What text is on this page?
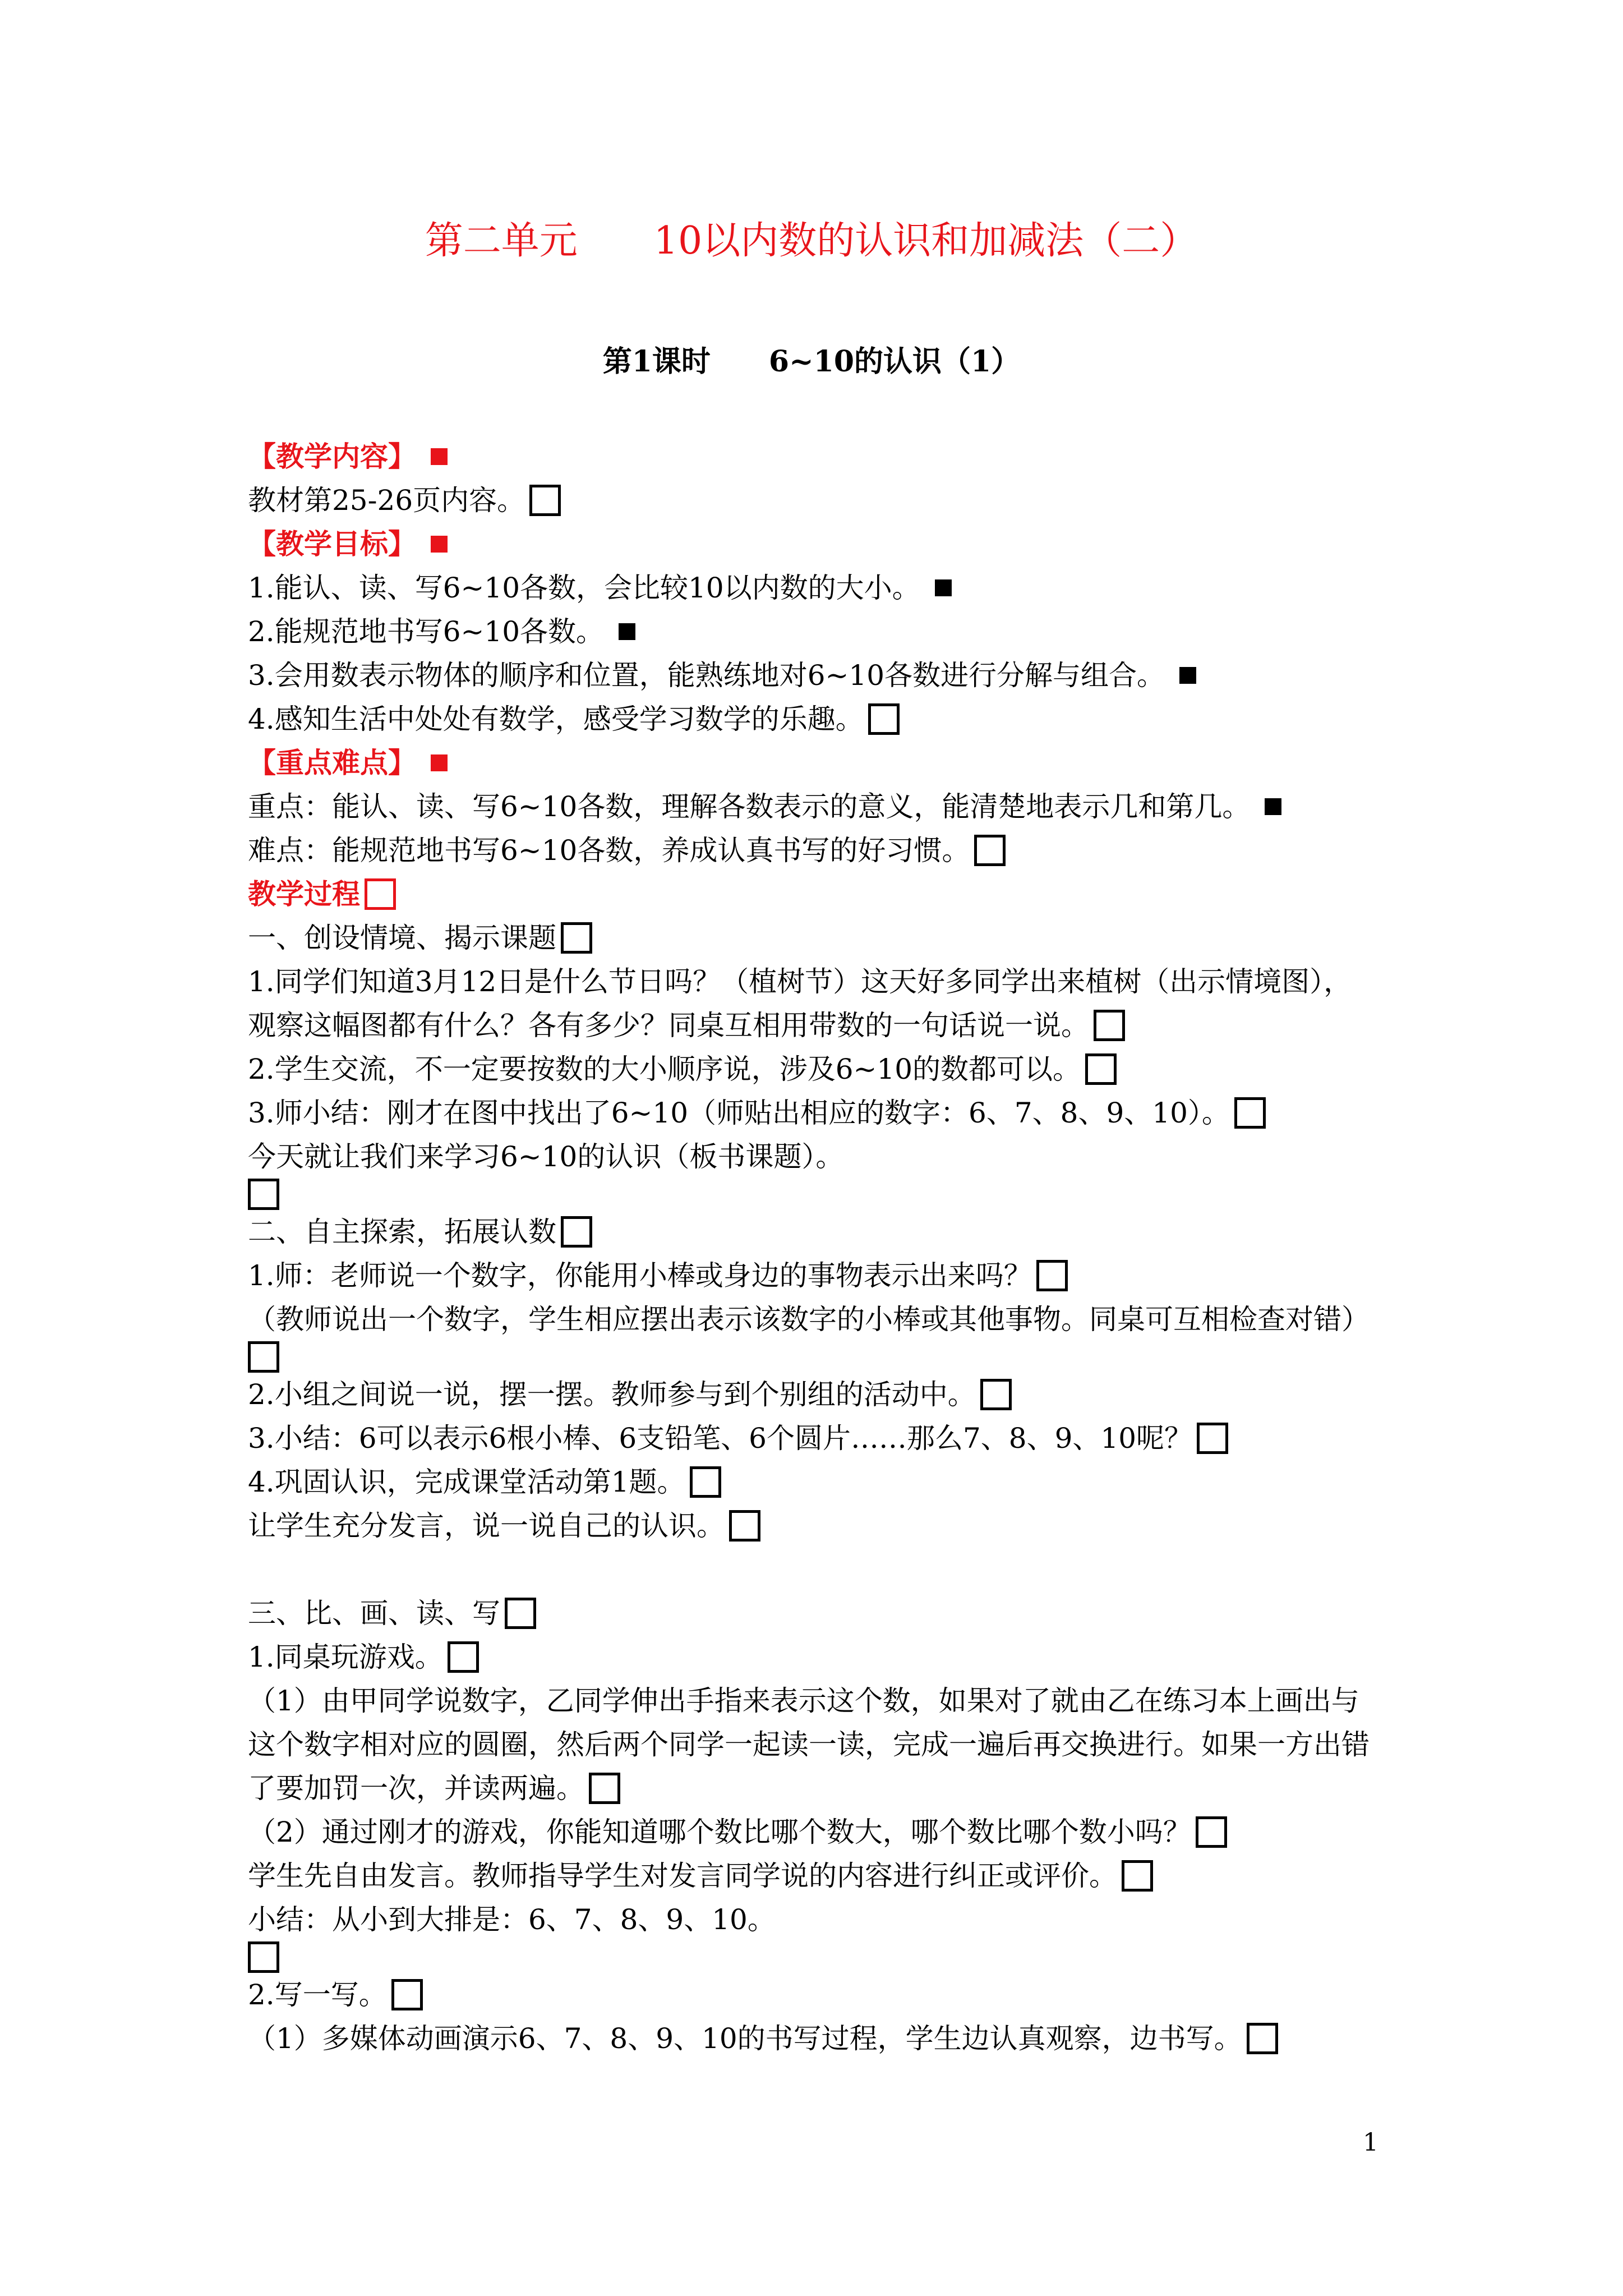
第二单元　　10以内数的认识和加减法（二）
第1课时　　6~10的认识（1）
【教学内容】
教材第25-26页内容。
【教学目标】
1.能认、读、写6~10各数，会比较10以内数的大小。
2.能规范地书写6~10各数。
3.会用数表示物体的顺序和位置，能熟练地对6~10各数进行分解与组合。
4.感知生活中处处有数学，感受学习数学的乐趣。
【重点难点】
重点：能认、读、写6~10各数，理解各数表示的意义，能清楚地表示几和第几。
难点：能规范地书写6~10各数，养成认真书写的好习惯。
教学过程
一、创设情境、揭示课题
1.同学们知道3月12日是什么节日吗？（植树节）这天好多同学出来植树（出示情境图），
观察这幅图都有什么？各有多少？同桌互相用带数的一句话说一说。
2.学生交流，不一定要按数的大小顺序说，涉及6~10的数都可以。
3.师小结：刚才在图中找出了6~10（师贴出相应的数字：6、7、8、9、10）。
今天就让我们来学习6~10的认识（板书课题）。
二、自主探索，拓展认数
1.师：老师说一个数字，你能用小棒或身边的事物表示出来吗？
（教师说出一个数字，学生相应摆出表示该数字的小棒或其他事物。同桌可互相检查对错）
2.小组之间说一说，摆一摆。教师参与到个别组的活动中。
3.小结：6可以表示6根小棒、6支铅笔、6个圆片……那么7、8、9、10呢？
4.巩固认识，完成课堂活动第1题。
让学生充分发言，说一说自己的认识。
三、比、画、读、写
1.同桌玩游戏。
（1）由甲同学说数字，乙同学伸出手指来表示这个数，如果对了就由乙在练习本上画出与
这个数字相对应的圆圈，然后两个同学一起读一读，完成一遍后再交换进行。如果一方出错
了要加罚一次，并读两遍。
（2）通过刚才的游戏，你能知道哪个数比哪个数大，哪个数比哪个数小吗？
学生先自由发言。教师指导学生对发言同学说的内容进行纠正或评价。
小结：从小到大排是：6、7、8、9、10。
2.写一写。
（1）多媒体动画演示6、7、8、9、10的书写过程，学生边认真观察，边书写。
1
